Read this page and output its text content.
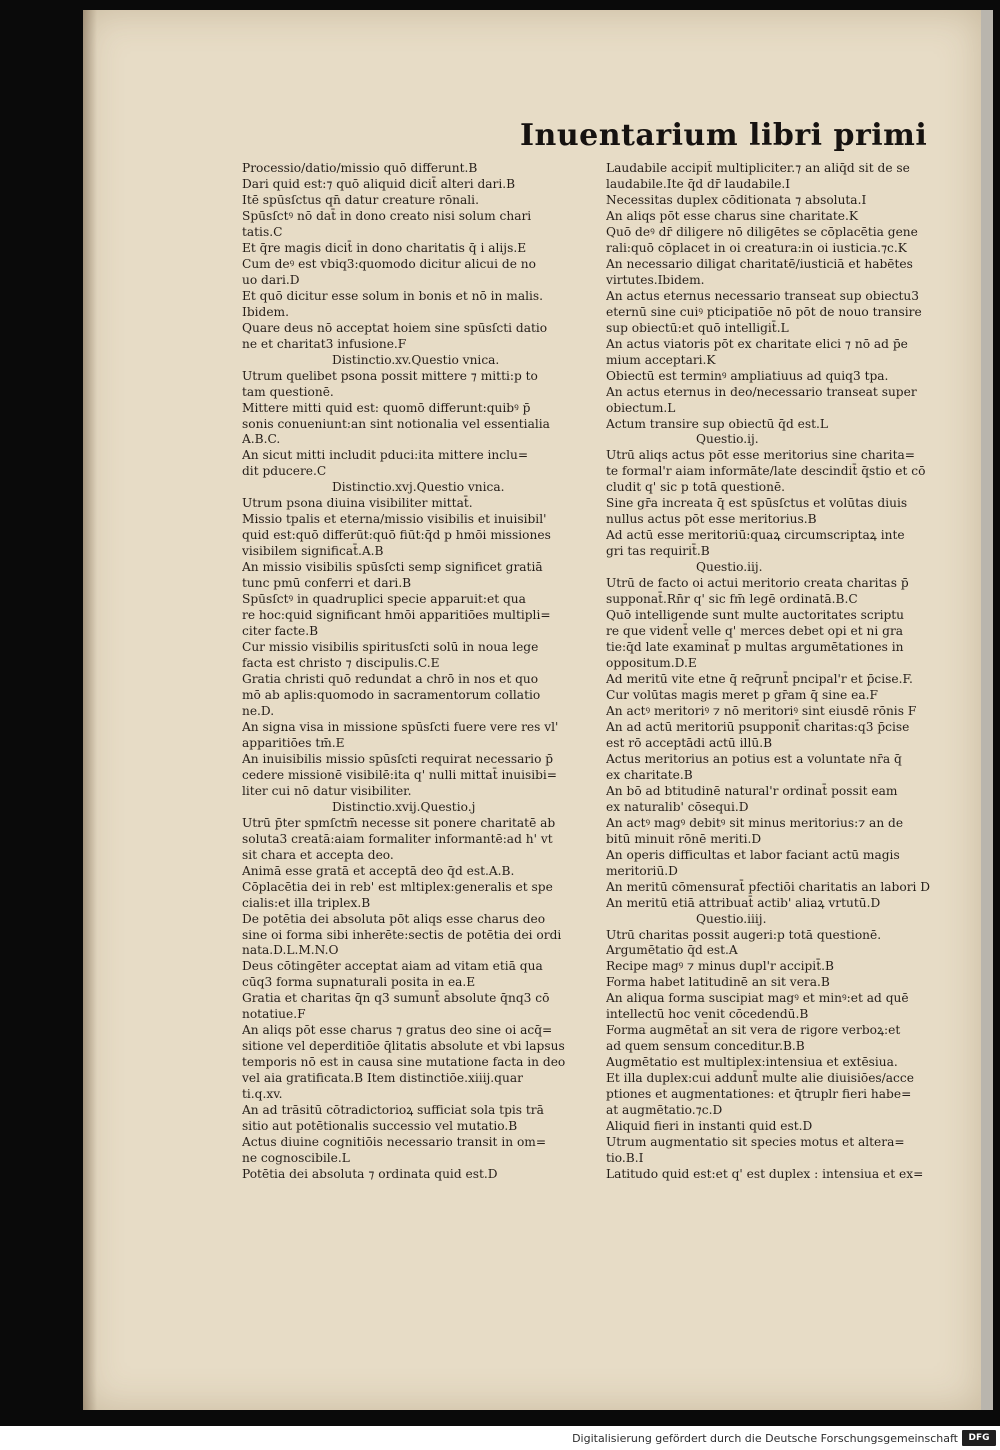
Inuentarium libri primi
Processio/datio/missio quō differunt.B
Dari quid est:⁊ quō aliquid dicit̄ alteri dari.B
Itē spūsſctus qn̄ datur creature rōnali.
Spūsſctꝰ nō dat̄ in dono creato nisi solum chari
tatis.C
Et q̄re magis dicit̄ in dono charitatis q̄ i alijs.E
Cum deꝰ est vbiq3:quomodo dicitur alicui de no
uo dari.D
Et quō dicitur esse solum in bonis et nō in malis.
Ibidem.
Quare deus nō acceptat hoiem sine spūsſcti datio
ne et charitat3 infusione.F
Distinctio.xv.Questio vnica.
Utrum quelibet psona possit mittere ⁊ mitti:p to
tam questionē.
Mittere mitti quid est: quomō differunt:quibꝰ p̄
sonis conueniunt:an sint notionalia vel essentialia
A.B.C.
An sicut mitti includit pduci:ita mittere inclu=
dit pducere.C
Distinctio.xvj.Questio vnica.
Utrum psona diuina visibiliter mittat̄.
Missio tpalis et eterna/missio visibilis et inuisibil'
quid est:quō differūt:quō fiūt:q̄d p hmōi missiones
visibilem significat̄.A.B
An missio visibilis spūsſcti semp significet gratiā
tunc pmū conferri et dari.B
Spūsſctꝰ in quadruplici specie apparuit:et qua
re hoc:quid significant hmōi apparitiōes multipli=
citer facte.B
Cur missio visibilis spiritusſcti solū in noua lege
facta est christo ⁊ discipulis.C.E
Gratia christi quō redundat a chrō in nos et quo
mō ab aplis:quomodo in sacramentorum collatio
ne.D.
An signa visa in missione spūsſcti fuere vere res vl'
apparitiōes tm̄.E
An inuisibilis missio spūsſcti requirat necessario p̄
cedere missionē visibilē:ita q' nulli mittat̄ inuisibi=
liter cui nō datur visibiliter.
Distinctio.xvij.Questio.j
Utrū p̄ter spmſctm̄ necesse sit ponere charitatē ab
soluta3 creatā:aiam formaliter informantē:ad h' vt
sit chara et accepta deo.
Animā esse gratā et acceptā deo q̄d est.A.B.
Cōplacētia dei in reb' est mltiplex:generalis et spe
cialis:et illa triplex.B
De potētia dei absoluta pōt aliqs esse charus deo
sine oi forma sibi inherēte:sectis de potētia dei ordi
nata.D.L.M.N.O
Deus cōtingēter acceptat aiam ad vitam etiā qua
cūq3 forma supnaturali posita in ea.E
Gratia et charitas q̄n q3 sumunt̄ absolute q̄nq3 cō
notatiue.F
An aliqs pōt esse charus ⁊ gratus deo sine oi acq̄=
sitione vel deperditiōe q̄litatis absolute et vbi lapsus
temporis nō est in causa sine mutatione facta in deo
vel aia gratificata.B Item distinctiōe.xiiij.quar
ti.q.xv.
An ad trāsitū cōtradictorioꝝ sufficiat sola tpis trā
sitio aut potētionalis successio vel mutatio.B
Actus diuine cognitiōis necessario transit in om=
ne cognoscibile.L
Potētia dei absoluta ⁊ ordinata quid est.D
Laudabile accipit̄ multipliciter.⁊ an aliq̄d sit de se
laudabile.Ite q̄d dr̄ laudabile.I
Necessitas duplex cōditionata ⁊ absoluta.I
An aliqs pōt esse charus sine charitate.K
Quō deꝰ dr̄ diligere nō diligētes se cōplacētia gene
rali:quō cōplacet in oi creatura:in oi iusticia.⁊c.K
An necessario diligat charitatē/iusticiā et habētes
virtutes.Ibidem.
An actus eternus necessario transeat sup obiectu3
eternū sine cuiꝰ pticipatiōe nō pōt de nouo transire
sup obiectū:et quō intelligit̄.L
An actus viatoris pōt ex charitate elici ⁊ nō ad p̄e
mium acceptari.K
Obiectū est terminꝰ ampliatiuus ad quiq3 tpa.
An actus eternus in deo/necessario transeat super
obiectum.L
Actum transire sup obiectū q̄d est.L
Questio.ij.
Utrū aliqs actus pōt esse meritorius sine charita=
te formal'r aiam informāte/late descindit̄ q̄stio et cō
cludit q' sic p totā questionē.
Sine gr̄a increata q̄ est spūsſctus et volūtas diuis
nullus actus pōt esse meritorius.B
Ad actū esse meritoriū:quaꝝ circumscriptaꝝ inte
gri tas requirit̄.B
Questio.iij.
Utrū de facto oi actui meritorio creata charitas p̄
supponat̄.Rn̄r q' sic fm̄ legē ordinatā.B.C
Quō intelligende sunt multe auctoritates scriptu
re que vident̄ velle q' merces debet opi et ni gra
tie:q̄d late examinat̄ p multas argumētationes in
oppositum.D.E
Ad meritū vite etne q̄ req̄runt̄ pncipal'r et p̄cise.F.
Cur volūtas magis meret p gr̄am q̄ sine ea.F
An actꝰ meritoriꝰ ⁊ nō meritoriꝰ sint eiusdē rōnis F
An ad actū meritoriū psupponit̄ charitas:q3 p̄cise
est rō acceptādi actū illū.B
Actus meritorius an potius est a voluntate nr̄a q̄
ex charitate.B
An bō ad btitudinē natural'r ordinat̄ possit eam
ex naturalib' cōsequi.D
An actꝰ magꝰ debitꝰ sit minus meritorius:⁊ an de
bitū minuit rōnē meriti.D
An operis difficultas et labor faciant actū magis
meritoriū.D
An meritū cōmensurat̄ pfectiōi charitatis an labori D
An meritū etiā attribuat̄ actib' aliaꝝ vrtutū.D
Questio.iiij.
Utrū charitas possit augeri:p totā questionē.
Argumētatio q̄d est.A
Recipe magꝰ ⁊ minus dupl'r accipit̄.B
Forma habet latitudinē an sit vera.B
An aliqua forma suscipiat magꝰ et minꝰ:et ad quē
intellectū hoc venit cōcedendū.B
Forma augmētat̄ an sit vera de rigore verboꝝ:et
ad quem sensum conceditur.B.B
Augmētatio est multiplex:intensiua et extēsiua.
Et illa duplex:cui addunt̄ multe alie diuisiōes/acce
ptiones et augmentationes: et q̄truplr fieri habe=
at augmētatio.⁊c.D
Aliquid fieri in instanti quid est.D
Utrum augmentatio sit species motus et altera=
tio.B.I
Latitudo quid est:et q' est duplex : intensiua et ex=
Digitalisierung gefördert durch die Deutsche Forschungsgemeinschaft	DFG
